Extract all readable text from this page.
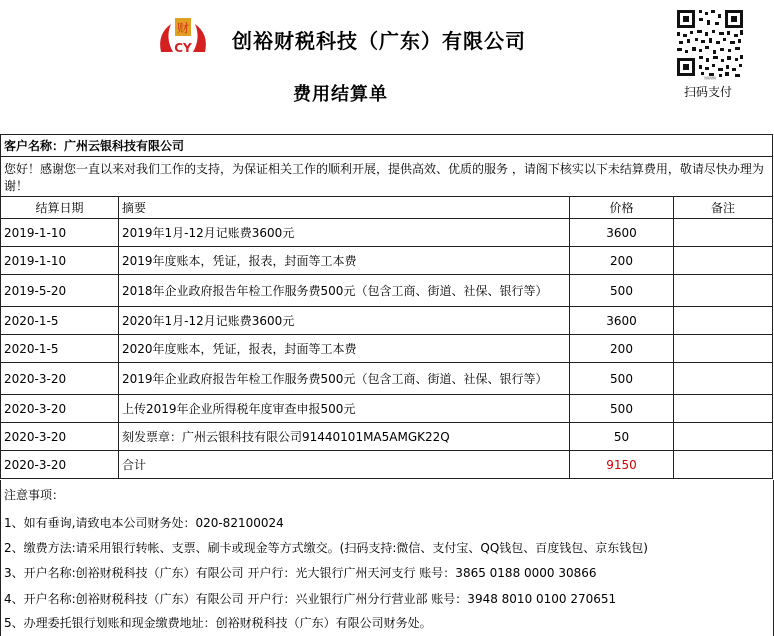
财
CY 创裕财税科技（广东）有限公司
费用结算单
创裕财税
扫码支付
客户名称：广州云银科技有限公司			
您好！感谢您一直以来对我们工作的支持，为保证相关工作的顺利开展，提供高效、优质的服务 ，请阁下核实以下未结算费用，敬请尽快办理为谢！			
结算日期	摘要	价格	备注
2019-1-10	2019年1月-12月记账费3600元	3600	
2019-1-10	2019年度账本，凭证，报表，封面等工本费	200	
2019-5-20	2018年企业政府报告年检工作服务费500元（包含工商、街道、社保、银行等）	500	
2020-1-5	2020年1月-12月记账费3600元	3600	
2020-1-5	2020年度账本，凭证，报表，封面等工本费	200	
2020-3-20	2019年企业政府报告年检工作服务费500元（包含工商、街道、社保、银行等）	500	
2020-3-20	上传2019年企业所得税年度审查申报500元	500	
2020-3-20	刻发票章：广州云银科技有限公司91440101MA5AMGK22Q	50	
2020-3-20	合计	9150	
注意事项：
1、如有垂询,请致电本公司财务处：020-82100024
2、缴费方法:请采用银行转帐、支票、刷卡或现金等方式缴交。(扫码支持:微信、支付宝、QQ钱包、百度钱包、京东钱包)
3、开户名称:创裕财税科技（广东）有限公司 开户行：光大银行广州天河支行 账号：3865 0188 0000 30866
4、开户名称:创裕财税科技（广东）有限公司 开户行：兴业银行广州分行营业部 账号：3948 8010 0100 270651
5、办理委托银行划账和现金缴费地址：创裕财税科技（广东）有限公司财务处。
